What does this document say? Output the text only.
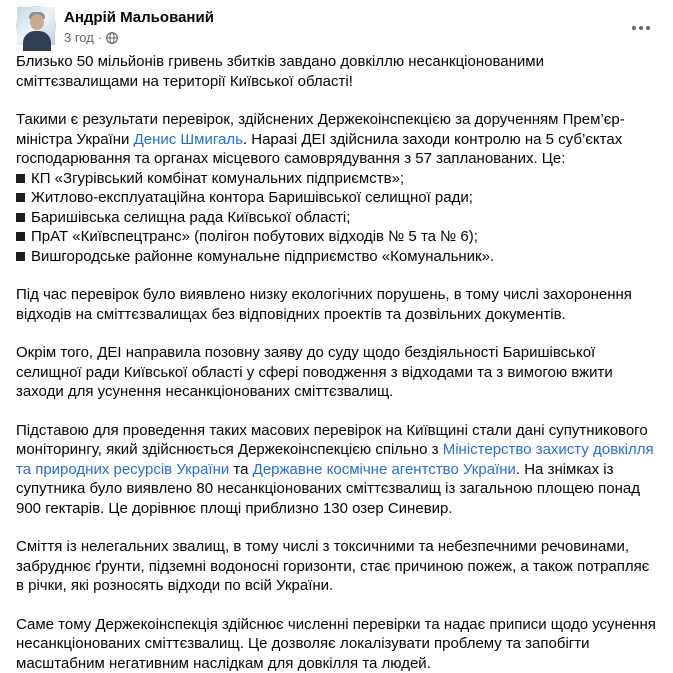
Андрій Мальований
3 год ·

Близько 50 мільйонів гривень збитків завдано довкіллю несанкціонованими сміттєзвалищами на території Київської області!

Такими є результати перевірок, здійснених Держекоінспекцією за дорученням Прем’єр-міністра України Денис Шмигаль. Наразі ДЕІ здійснила заходи контролю на 5 суб’єктах господарювання та органах місцевого самоврядування з 57 запланованих. Це:
КП «Згурівський комбінат комунальних підприємств»;
Житлово-експлуатаційна контора Баришівської селищної ради;
Баришівська селищна рада Київської області;
ПрАТ «Київспецтранс» (полігон побутових відходів № 5 та № 6);
Вишгородське районне комунальне підприємство «Комунальник».

Під час перевірок було виявлено низку екологічних порушень, в тому числі захоронення відходів на сміттєзвалищах без відповідних проектів та дозвільних документів.

Окрім того, ДЕІ направила позовну заяву до суду щодо бездіяльності Баришівської селищної ради Київської області у сфері поводження з відходами та з вимогою вжити заходи для усунення несанкціонованих сміттєзвалищ.

Підставою для проведення таких масових перевірок на Київщині стали дані супутникового моніторингу, який здійснюється Держекоінспекцією спільно з Міністерство захисту довкілля та природних ресурсів України та Державне космічне агентство України. На знімках із супутника було виявлено 80 несанкціонованих сміттєзвалищ із загальною площею понад 900 гектарів. Це дорівнює площі приблизно 130 озер Синевир.

Сміття із нелегальних звалищ, в тому числі з токсичними та небезпечними речовинами, забруднює ґрунти, підземні водоносні горизонти, стає причиною пожеж, а також потрапляє в річки, які розносять відходи по всій України.

Саме тому Держекоінспекція здійснює численні перевірки та надає приписи щодо усунення несанкціонованих сміттєзвалищ. Це дозволяє локалізувати проблему та запобігти масштабним негативним наслідкам для довкілля та людей.
